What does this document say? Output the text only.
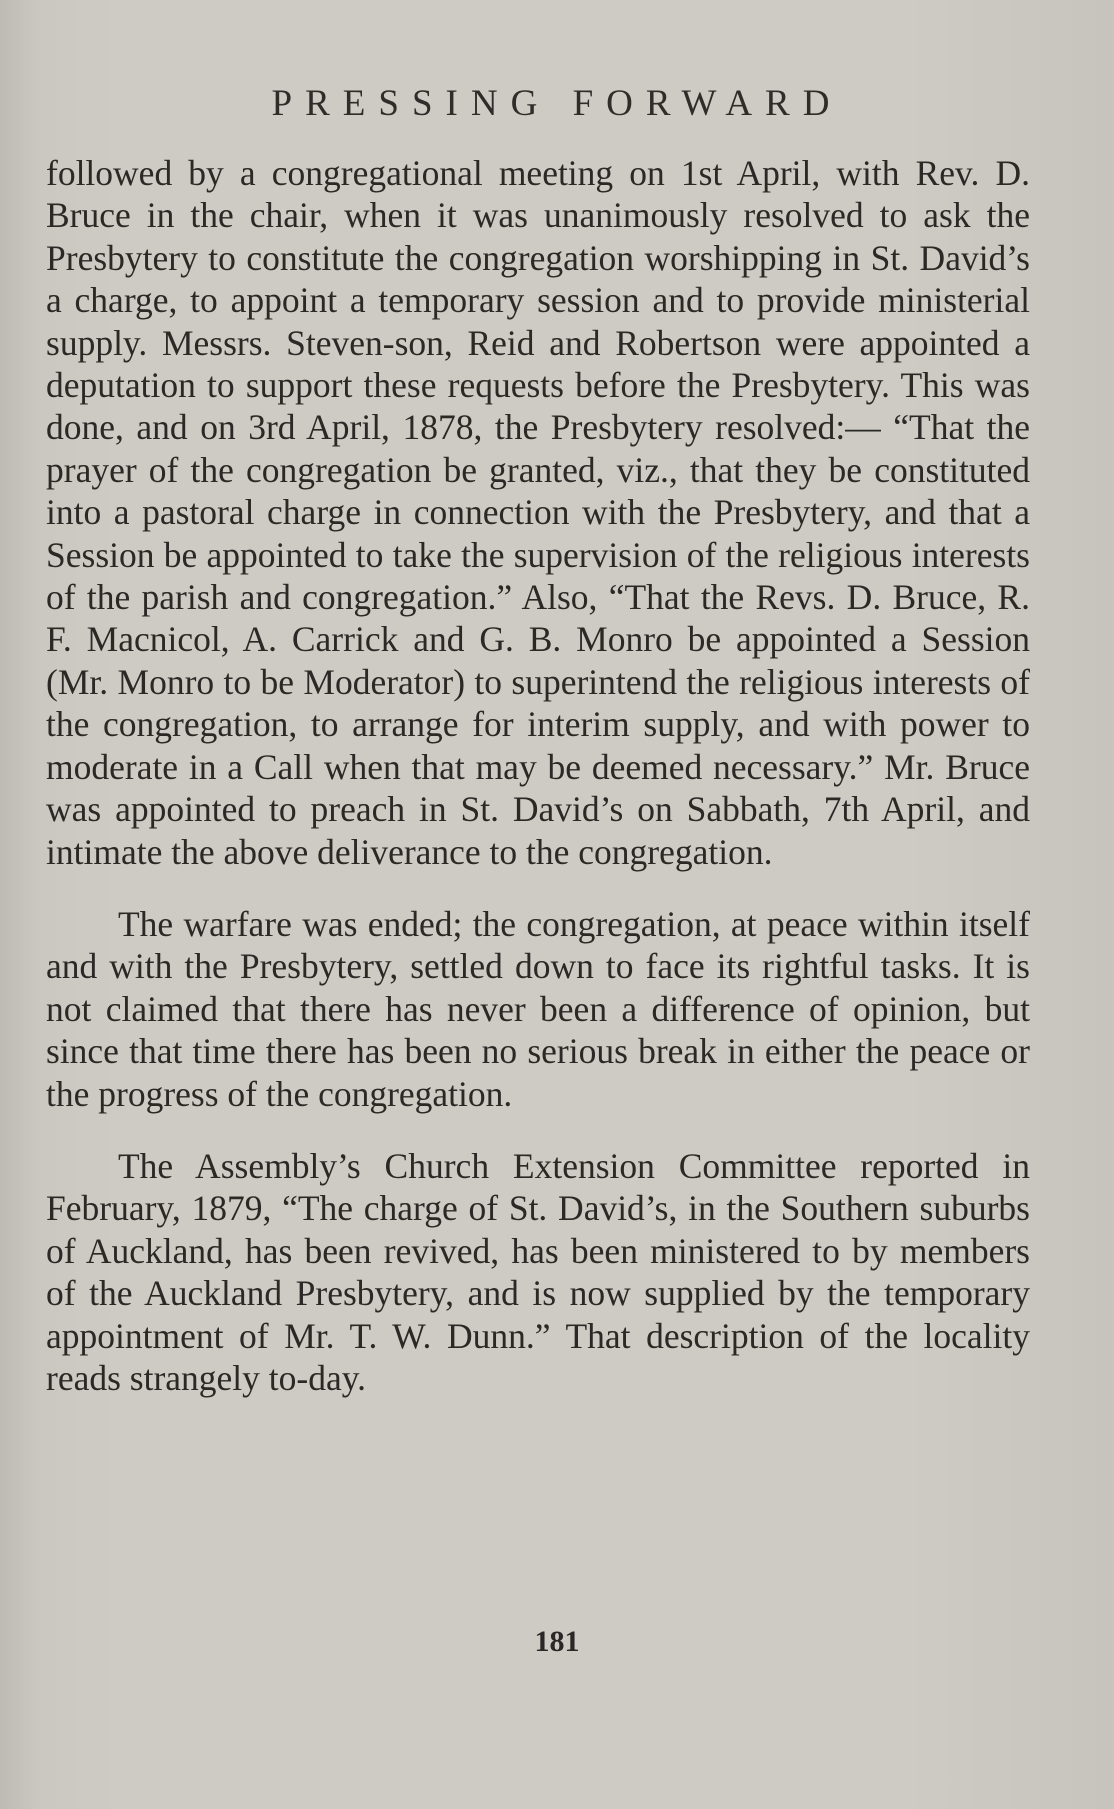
PRESSING FORWARD

followed by a congregational meeting on 1st April, with Rev. D. Bruce in the chair, when it was unanimously resolved to ask the Presbytery to constitute the congregation worshipping in St. David’s a charge, to appoint a temporary session and to provide ministerial supply. Messrs. Steven-son, Reid and Robertson were appointed a deputation to support these requests before the Presbytery. This was done, and on 3rd April, 1878, the Presbytery resolved:— “That the prayer of the congregation be granted, viz., that they be constituted into a pastoral charge in connection with the Presbytery, and that a Session be appointed to take the supervision of the religious interests of the parish and congregation.” Also, “That the Revs. D. Bruce, R. F. Macnicol, A. Carrick and G. B. Monro be appointed a Session (Mr. Monro to be Moderator) to superintend the religious interests of the congregation, to arrange for interim supply, and with power to moderate in a Call when that may be deemed necessary.” Mr. Bruce was appointed to preach in St. David’s on Sabbath, 7th April, and intimate the above deliverance to the congregation.

The warfare was ended; the congregation, at peace within itself and with the Presbytery, settled down to face its rightful tasks. It is not claimed that there has never been a difference of opinion, but since that time there has been no serious break in either the peace or the progress of the congregation.

The Assembly’s Church Extension Committee reported in February, 1879, “The charge of St. David’s, in the Southern suburbs of Auckland, has been revived, has been ministered to by members of the Auckland Presbytery, and is now supplied by the temporary appointment of Mr. T. W. Dunn.” That description of the locality reads strangely to-day.

181
